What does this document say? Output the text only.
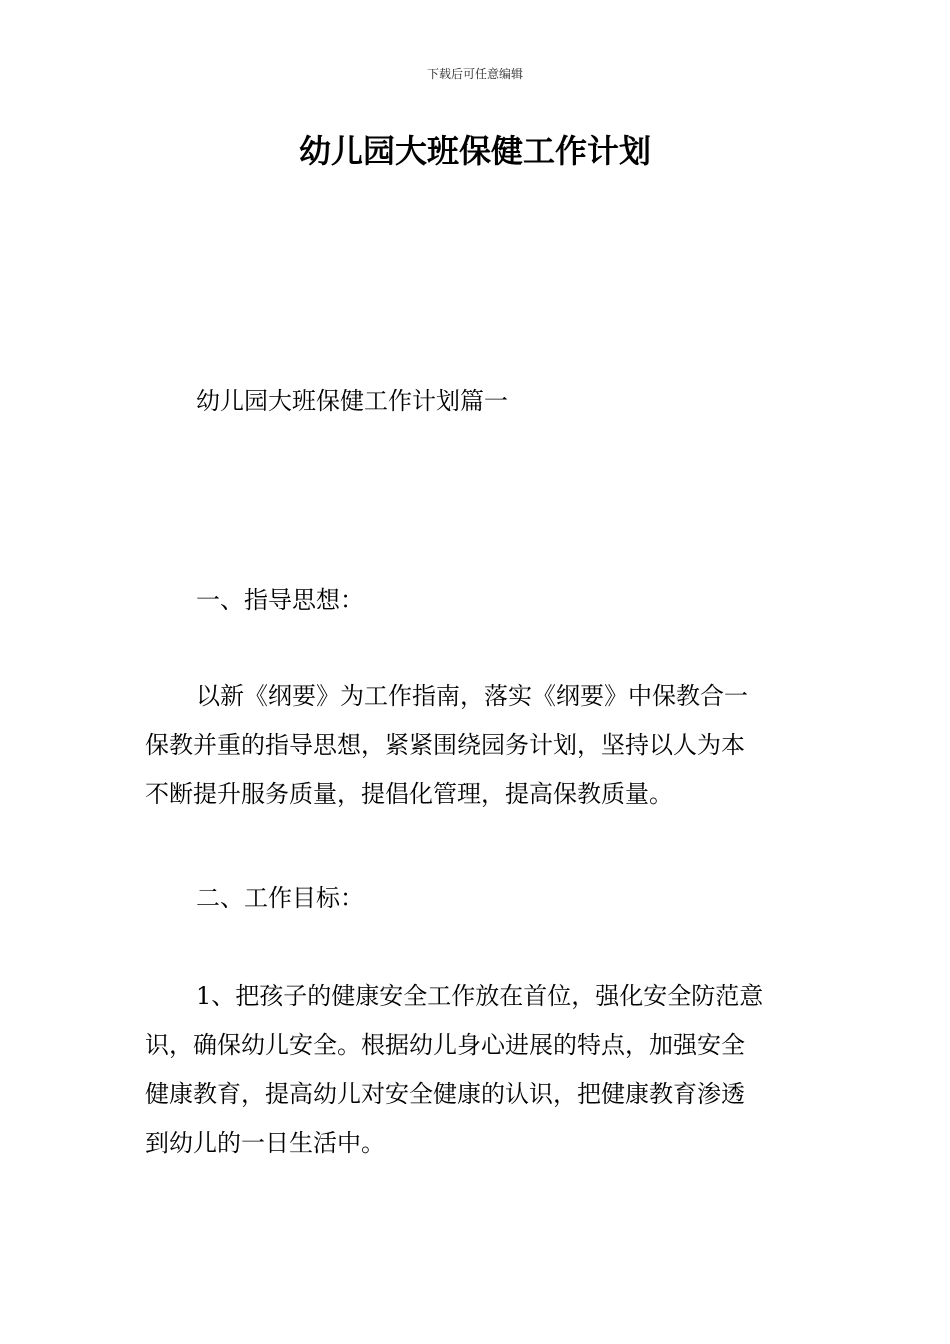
下载后可任意编辑
幼儿园大班保健工作计划

幼儿园大班保健工作计划篇一

一、指导思想：

以新《纲要》为工作指南，落实《纲要》中保教合一
保教并重的指导思想，紧紧围绕园务计划，坚持以人为本
不断提升服务质量，提倡化管理，提高保教质量。

二、工作目标：

1、把孩子的健康安全工作放在首位，强化安全防范意
识，确保幼儿安全。根据幼儿身心进展的特点，加强安全
健康教育，提高幼儿对安全健康的认识，把健康教育渗透
到幼儿的一日生活中。
